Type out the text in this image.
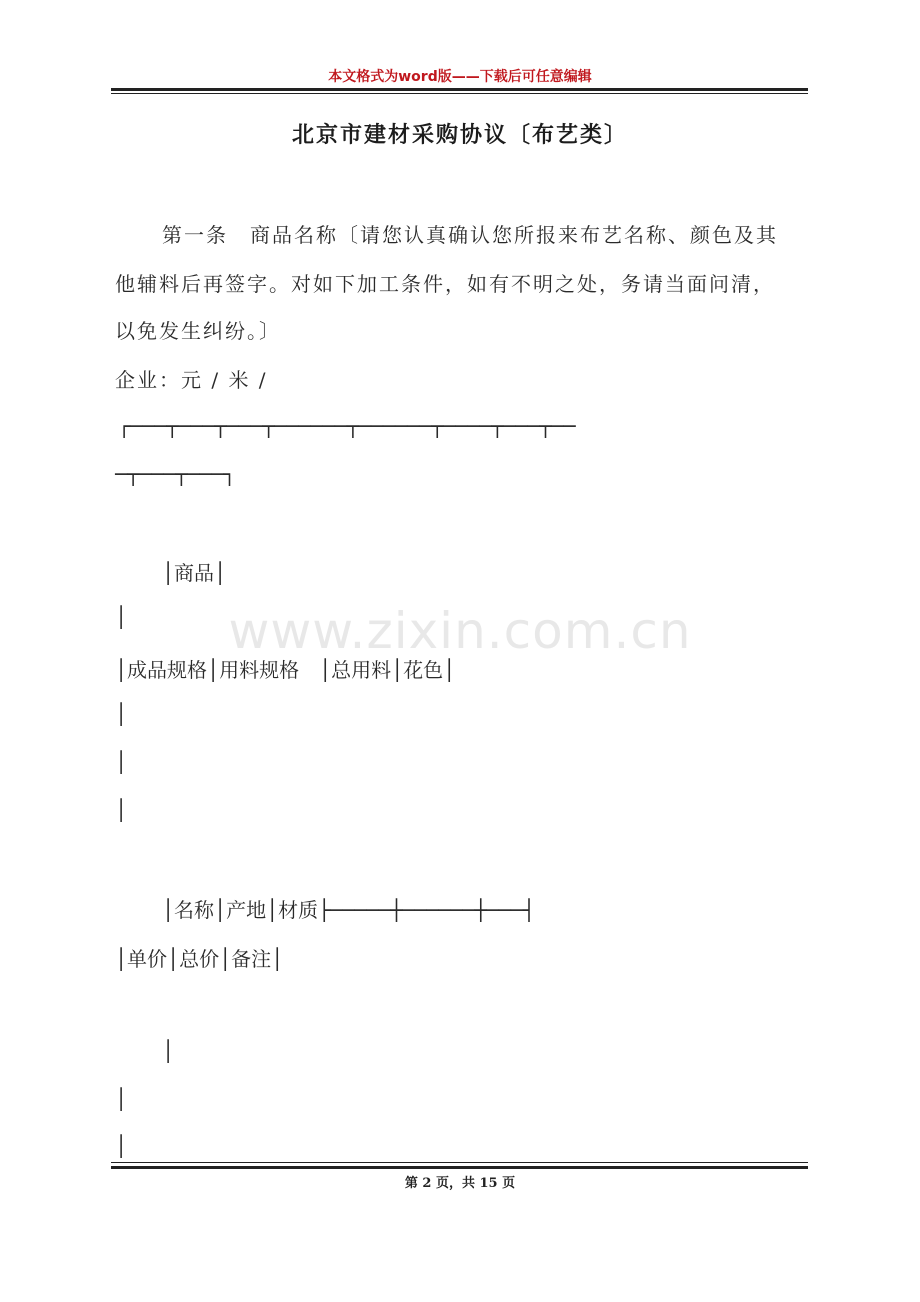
本文格式为word版——下载后可任意编辑
北京市建材采购协议〔布艺类〕
第一条　商品名称〔请您认真确认您所报来布艺名称、颜色及其
他辅料后再签字。对如下加工条件，如有不明之处，务请当面问清，
以免发生纠纷。〕
企业：元 / 米 /
www.zixin.com.cn
┌───┬───┬───┬──────┬──────┬────┬───┬──
─┬───┬───┐
│商品│
│
│成品规格│用料规格　│总用料│花色│
│
│
│
│名称│产地│材质├─────┼──────┼───┤
│单价│总价│备注│
│
│
│
第 2 页，共 15 页
